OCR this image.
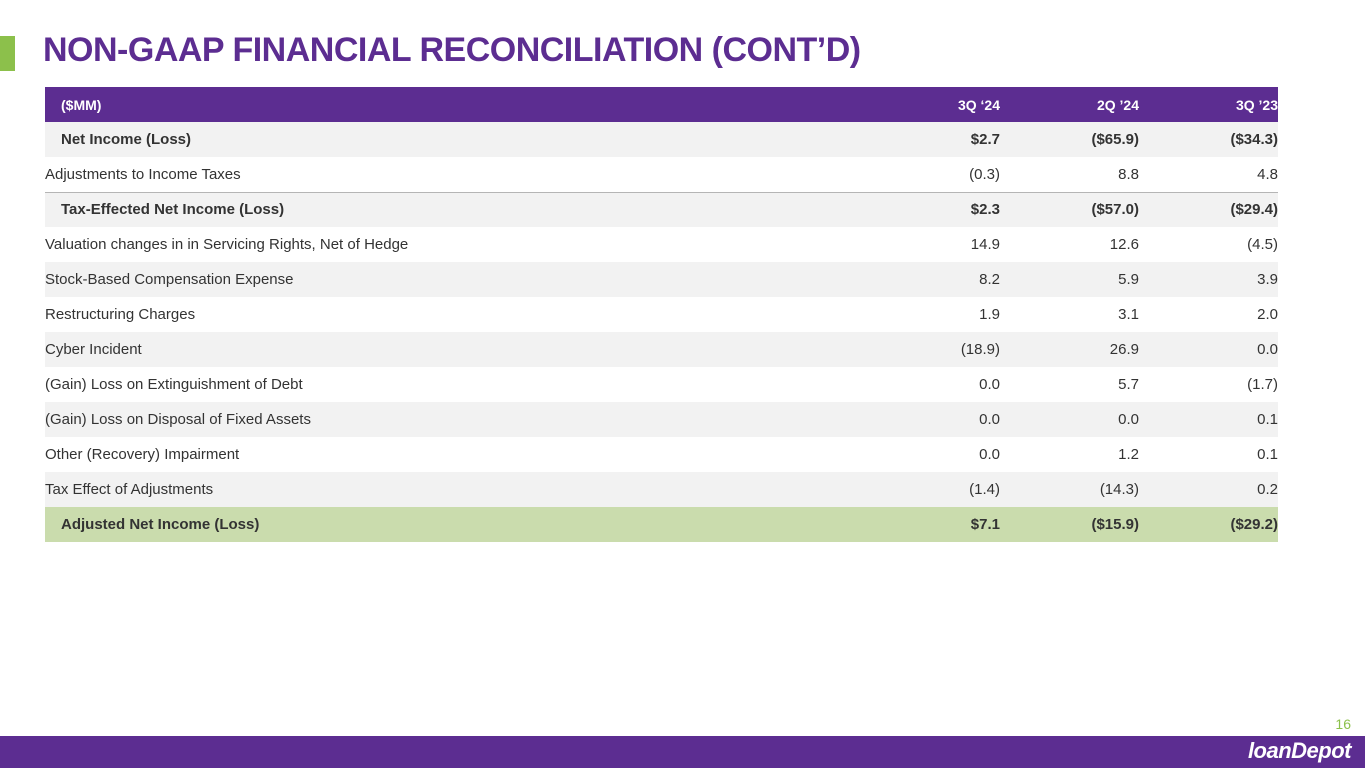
NON-GAAP FINANCIAL RECONCILIATION (CONT’D)
($MM)	3Q ‘24	2Q ’24	3Q ’23
Net Income (Loss)	$2.7	($65.9)	($34.3)
Adjustments to Income Taxes	(0.3)	8.8	4.8
Tax-Effected Net Income (Loss)	$2.3	($57.0)	($29.4)
Valuation changes in in Servicing Rights, Net of Hedge	14.9	12.6	(4.5)
Stock-Based Compensation Expense	8.2	5.9	3.9
Restructuring Charges	1.9	3.1	2.0
Cyber Incident	(18.9)	26.9	0.0
(Gain) Loss on Extinguishment of Debt	0.0	5.7	(1.7)
(Gain) Loss on Disposal of Fixed Assets	0.0	0.0	0.1
Other (Recovery) Impairment	0.0	1.2	0.1
Tax Effect of Adjustments	(1.4)	(14.3)	0.2
Adjusted Net Income (Loss)	$7.1	($15.9)	($29.2)
16
loanDepot
